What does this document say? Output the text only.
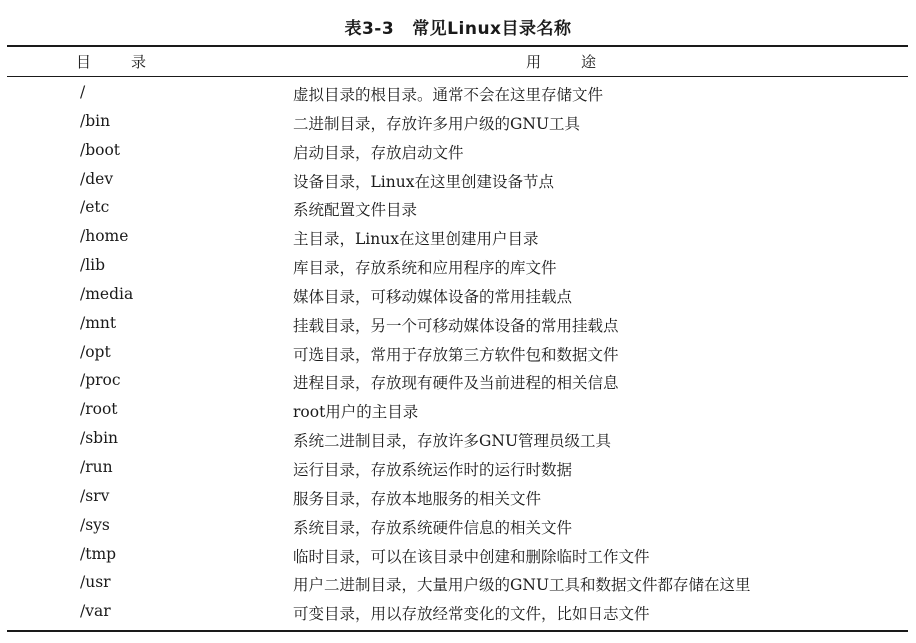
表3-3 常见Linux目录名称
目录	用途
/	虚拟目录的根目录。通常不会在这里存储文件
/bin	二进制目录，存放许多用户级的GNU工具
/boot	启动目录，存放启动文件
/dev	设备目录，Linux在这里创建设备节点
/etc	系统配置文件目录
/home	主目录，Linux在这里创建用户目录
/lib	库目录，存放系统和应用程序的库文件
/media	媒体目录，可移动媒体设备的常用挂载点
/mnt	挂载目录，另一个可移动媒体设备的常用挂载点
/opt	可选目录，常用于存放第三方软件包和数据文件
/proc	进程目录，存放现有硬件及当前进程的相关信息
/root	root用户的主目录
/sbin	系统二进制目录，存放许多GNU管理员级工具
/run	运行目录，存放系统运作时的运行时数据
/srv	服务目录，存放本地服务的相关文件
/sys	系统目录，存放系统硬件信息的相关文件
/tmp	临时目录，可以在该目录中创建和删除临时工作文件
/usr	用户二进制目录，大量用户级的GNU工具和数据文件都存储在这里
/var	可变目录，用以存放经常变化的文件，比如日志文件
